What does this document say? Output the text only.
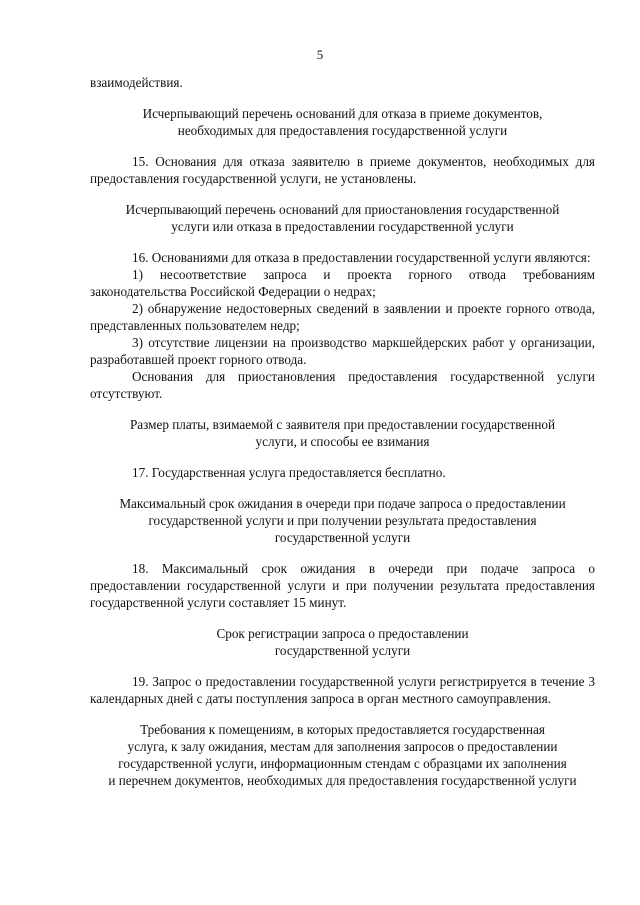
5

взаимодействия.

Исчерпывающий перечень оснований для отказа в приеме документов,

необходимых для предоставления государственной услуги

15. Основания для отказа заявителю в приеме документов, необходимых для предоставления государственной услуги, не установлены.

Исчерпывающий перечень оснований для приостановления государственной

услуги или отказа в предоставлении государственной услуги

16. Основаниями для отказа в предоставлении государственной услуги являются:

1) несоответствие запроса и проекта горного отвода требованиям законодательства Российской Федерации о недрах;

2) обнаружение недостоверных сведений в заявлении и проекте горного отвода, представленных пользователем недр;

3) отсутствие лицензии на производство маркшейдерских работ у организации, разработавшей проект горного отвода.

Основания для приостановления предоставления государственной услуги отсутствуют.

Размер платы, взимаемой с заявителя при предоставлении государственной

услуги, и способы ее взимания

17. Государственная услуга предоставляется бесплатно.

Максимальный срок ожидания в очереди при подаче запроса о предоставлении

государственной услуги и при получении результата предоставления

государственной услуги

18. Максимальный срок ожидания в очереди при подаче запроса о предоставлении государственной услуги и при получении результата предоставления государственной услуги составляет 15 минут.

Срок регистрации запроса о предоставлении

государственной услуги

19. Запрос о предоставлении государственной услуги регистрируется в течение 3 календарных дней с даты поступления запроса в орган местного самоуправления.

Требования к помещениям, в которых предоставляется государственная

услуга, к залу ожидания, местам для заполнения запросов о предоставлении

государственной услуги, информационным стендам с образцами их заполнения

и перечнем документов, необходимых для предоставления государственной услуги
